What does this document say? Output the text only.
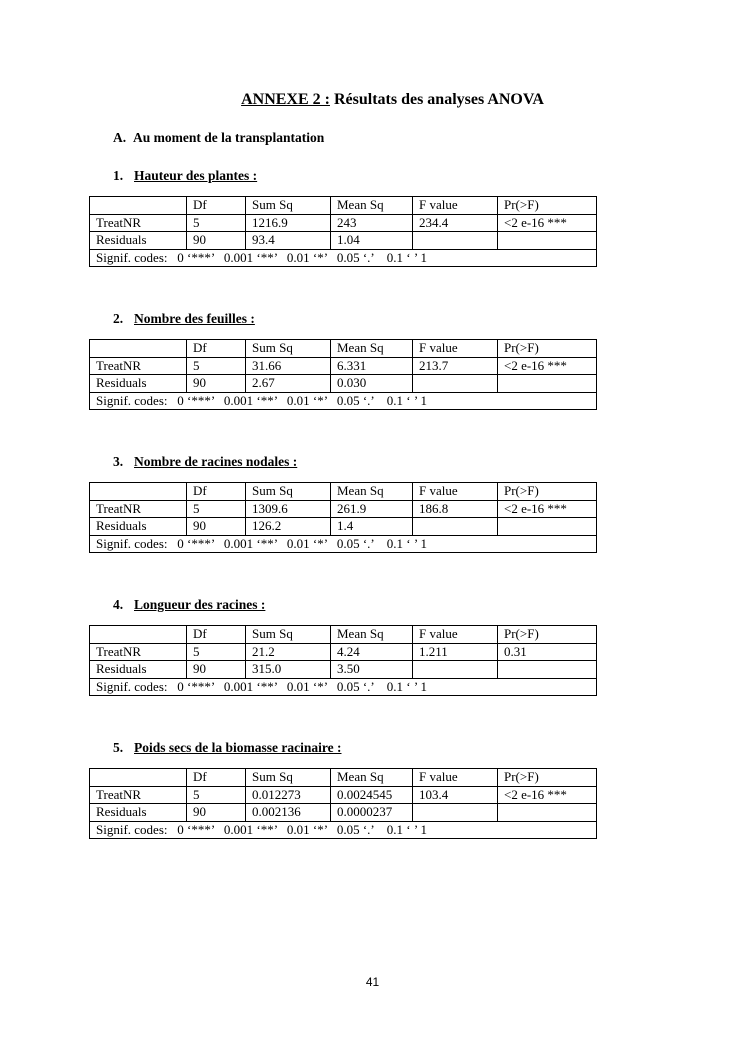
ANNEXE 2 : Résultats des analyses ANOVA
A. Au moment de la transplantation
1. Hauteur des plantes :
	Df	Sum Sq	Mean Sq	F value	Pr(>F)
TreatNR	5	1216.9	243	234.4	<2 e-16 ***
Residuals	90	93.4	1.04		
Signif. codes:   0 ‘***’   0.001 ‘**’   0.01 ‘*’   0.05 ‘.’    0.1 ‘ ’ 1					
2. Nombre des feuilles :
	Df	Sum Sq	Mean Sq	F value	Pr(>F)
TreatNR	5	31.66	6.331	213.7	<2 e-16 ***
Residuals	90	2.67	0.030		
Signif. codes:   0 ‘***’   0.001 ‘**’   0.01 ‘*’   0.05 ‘.’    0.1 ‘ ’ 1					
3. Nombre de racines nodales :
	Df	Sum Sq	Mean Sq	F value	Pr(>F)
TreatNR	5	1309.6	261.9	186.8	<2 e-16 ***
Residuals	90	126.2	1.4		
Signif. codes:   0 ‘***’   0.001 ‘**’   0.01 ‘*’   0.05 ‘.’    0.1 ‘ ’ 1					
4. Longueur des racines :
	Df	Sum Sq	Mean Sq	F value	Pr(>F)
TreatNR	5	21.2	4.24	1.211	0.31
Residuals	90	315.0	3.50		
Signif. codes:   0 ‘***’   0.001 ‘**’   0.01 ‘*’   0.05 ‘.’    0.1 ‘ ’ 1					
5. Poids secs de la biomasse racinaire :
	Df	Sum Sq	Mean Sq	F value	Pr(>F)
TreatNR	5	0.012273	0.0024545	103.4	<2 e-16 ***
Residuals	90	0.002136	0.0000237		
Signif. codes:   0 ‘***’   0.001 ‘**’   0.01 ‘*’   0.05 ‘.’    0.1 ‘ ’ 1					
41
